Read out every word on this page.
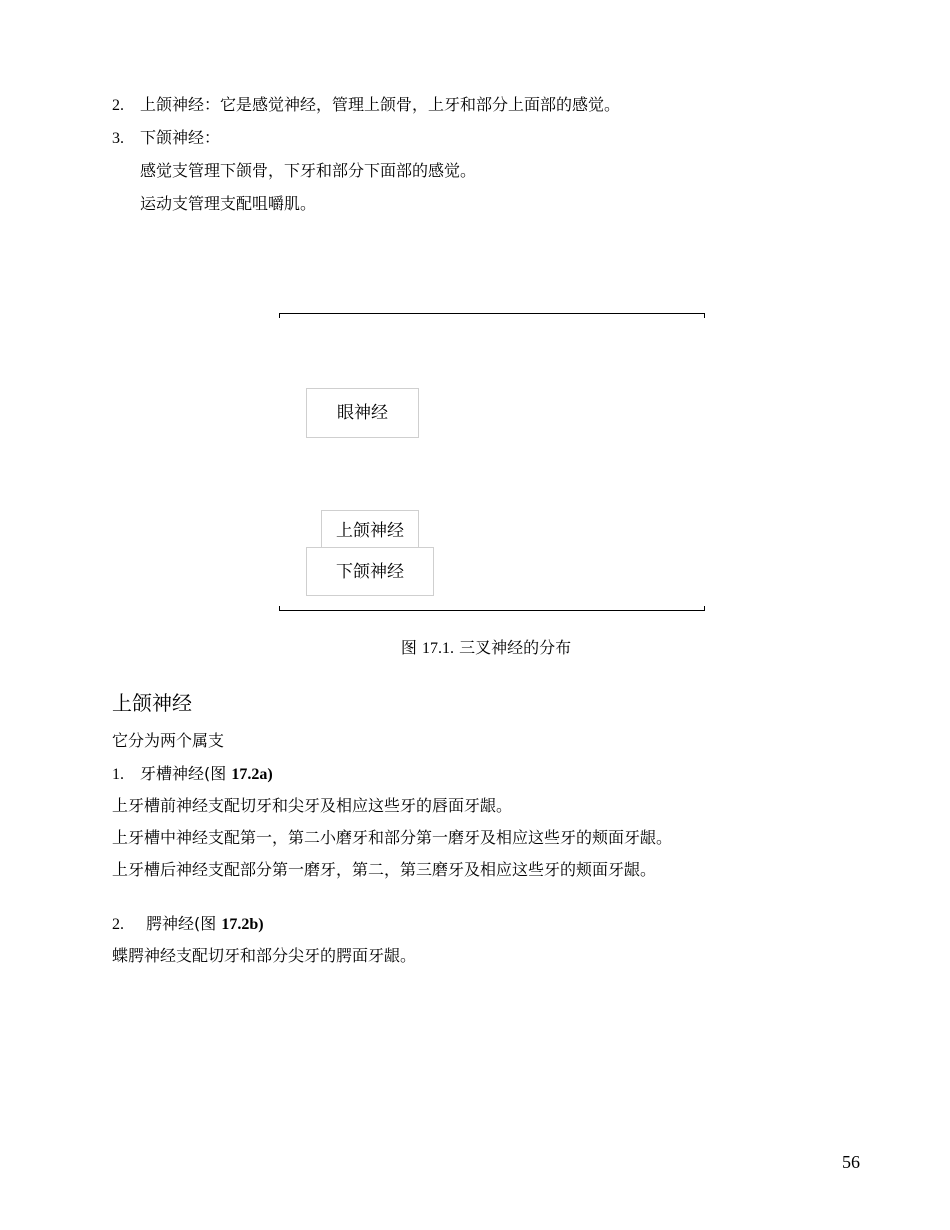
2. 上颌神经：它是感觉神经，管理上颌骨，上牙和部分上面部的感觉。
3. 下颌神经：
感觉支管理下颌骨，下牙和部分下面部的感觉。
运动支管理支配咀嚼肌。
眼神经
上颌神经
下颌神经
图 17.1. 三叉神经的分布
上颌神经
它分为两个属支
1. 牙槽神经(图 17.2a)
上牙槽前神经支配切牙和尖牙及相应这些牙的唇面牙龈。
上牙槽中神经支配第一，第二小磨牙和部分第一磨牙及相应这些牙的颊面牙龈。
上牙槽后神经支配部分第一磨牙，第二，第三磨牙及相应这些牙的颊面牙龈。
2. 腭神经(图 17.2b)
蝶腭神经支配切牙和部分尖牙的腭面牙龈。
56
